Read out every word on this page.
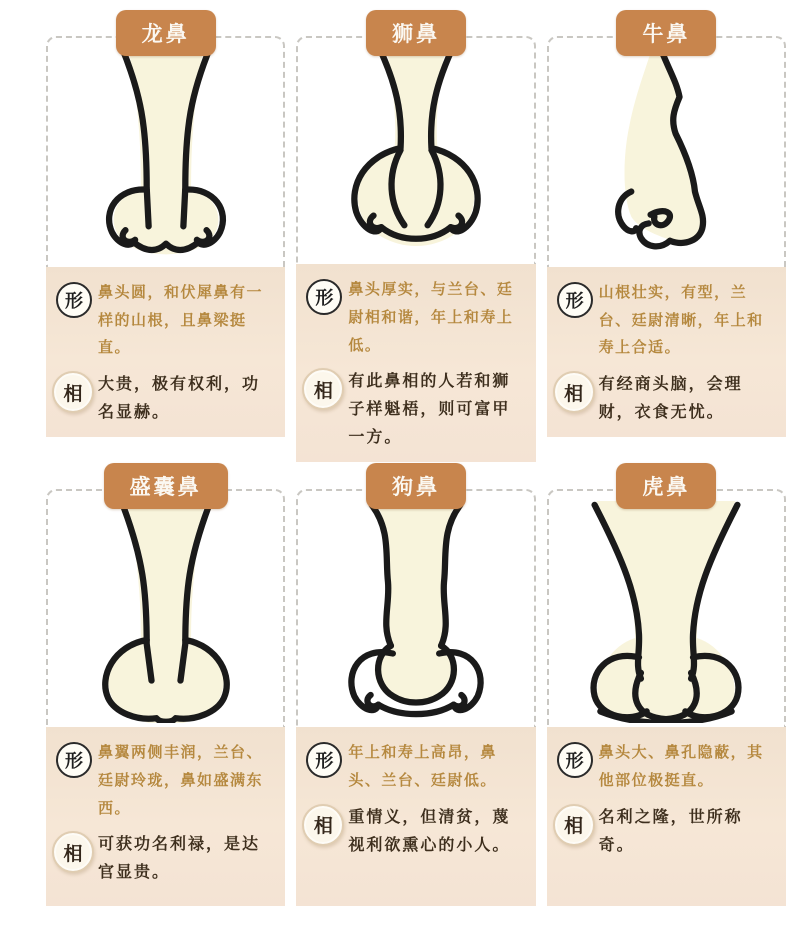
龙鼻
形	鼻头圆，和伏犀鼻有一样的山根，且鼻梁挺直。

相 大贵，极有权利，功名显赫。

狮鼻
形	鼻头厚实，与兰台、廷尉相和谐，年上和寿上低。

相 有此鼻相的人若和狮子样魁梧，则可富甲一方。

牛鼻
形	山根壮实，有型，兰台、廷尉清晰，年上和寿上合适。

相 有经商头脑，会理财，衣食无忧。

盛囊鼻
形	鼻翼两侧丰润，兰台、廷尉玲珑，鼻如盛满东西。

相 可获功名利禄，是达官显贵。

狗鼻
形	年上和寿上高昂，鼻头、兰台、廷尉低。

相 重情义，但清贫，蔑视利欲熏心的小人。

虎鼻
形	鼻头大、鼻孔隐蔽，其他部位极挺直。

相 名利之隆，世所称奇。
